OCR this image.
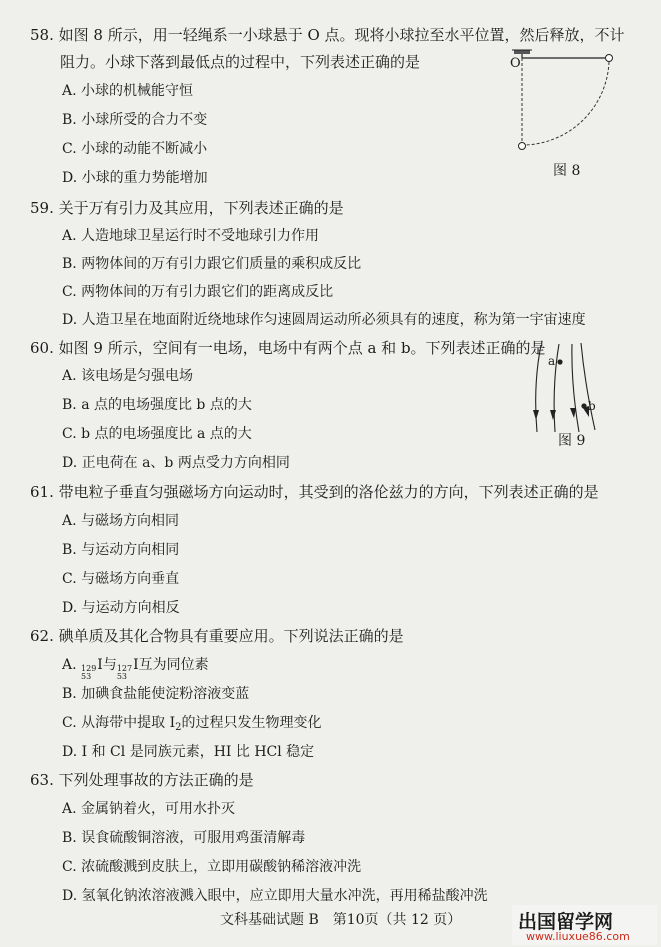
58. 如图 8 所示，用一轻绳系一小球悬于 O 点。现将小球拉至水平位置，然后释放，不计
阻力。小球下落到最低点的过程中，下列表述正确的是
A. 小球的机械能守恒
B. 小球所受的合力不变
C. 小球的动能不断减小
D. 小球的重力势能增加
O
图 8
59. 关于万有引力及其应用，下列表述正确的是
A. 人造地球卫星运行时不受地球引力作用
B. 两物体间的万有引力跟它们质量的乘积成反比
C. 两物体间的万有引力跟它们的距离成反比
D. 人造卫星在地面附近绕地球作匀速圆周运动所必须具有的速度，称为第一宇宙速度
60. 如图 9 所示，空间有一电场，电场中有两个点 a 和 b。下列表述正确的是
A. 该电场是匀强电场
B. a 点的电场强度比 b 点的大
C. b 点的电场强度比 a 点的大
D. 正电荷在 a、b 两点受力方向相同
a
b
图 9
61. 带电粒子垂直匀强磁场方向运动时，其受到的洛伦兹力的方向，下列表述正确的是
A. 与磁场方向相同
B. 与运动方向相同
C. 与磁场方向垂直
D. 与运动方向相反
62. 碘单质及其化合物具有重要应用。下列说法正确的是
A. 129
53
I与 127
53
I互为同位素
B. 加碘食盐能使淀粉溶液变蓝
C. 从海带中提取 $I_2$的过程只发生物理变化
D. I 和 Cl 是同族元素，HI 比 HCl 稳定
63. 下列处理事故的方法正确的是
A. 金属钠着火，可用水扑灭
B. 误食硫酸铜溶液，可服用鸡蛋清解毒
C. 浓硫酸溅到皮肤上，立即用碳酸钠稀溶液冲洗
D. 氢氧化钠浓溶液溅入眼中，应立即用大量水冲洗，再用稀盐酸冲洗
文科基础试题 B　第10页（共 12 页）	出国留学网
www.liuxue86.com
